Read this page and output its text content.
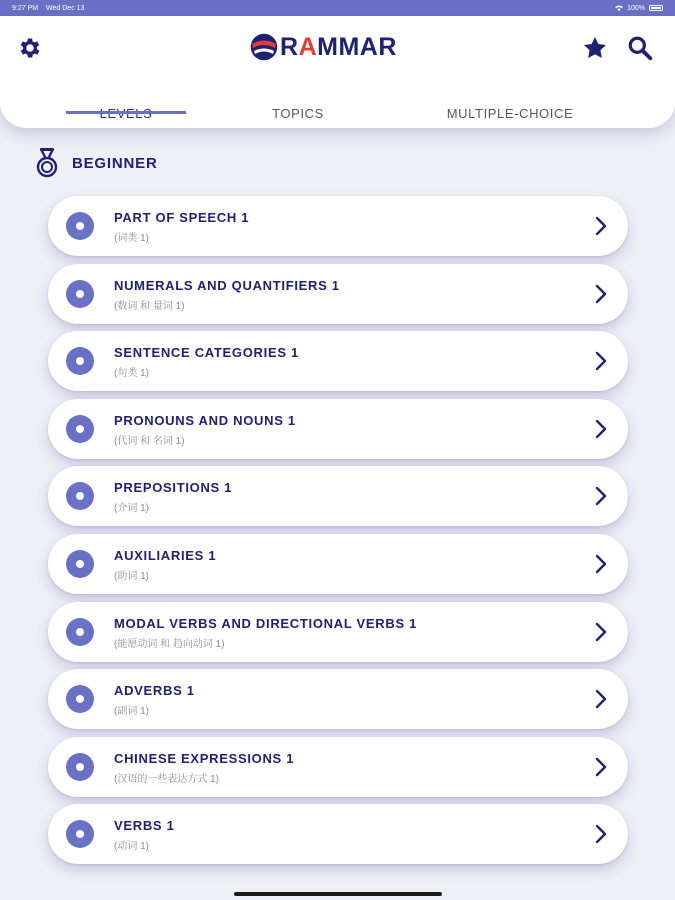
9:27 PM Wed Dec 13	100%
RAMMAR
TOPICS	MULTIPLE-CHOICE
BEGINNER
PART OF SPEECH 1
(词类 1)
NUMERALS AND QUANTIFIERS 1
(数词 和 量词 1)
SENTENCE CATEGORIES 1
(句类 1)
PRONOUNS AND NOUNS 1
(代词 和 名词 1)
PREPOSITIONS 1
(介词 1)
AUXILIARIES 1
(助词 1)
MODAL VERBS AND DIRECTIONAL VERBS 1
(能愿动词 和 趋向动词 1)
ADVERBS 1
(副词 1)
CHINESE EXPRESSIONS 1
(汉语的一些表达方式 1)
VERBS 1
(动词 1)
